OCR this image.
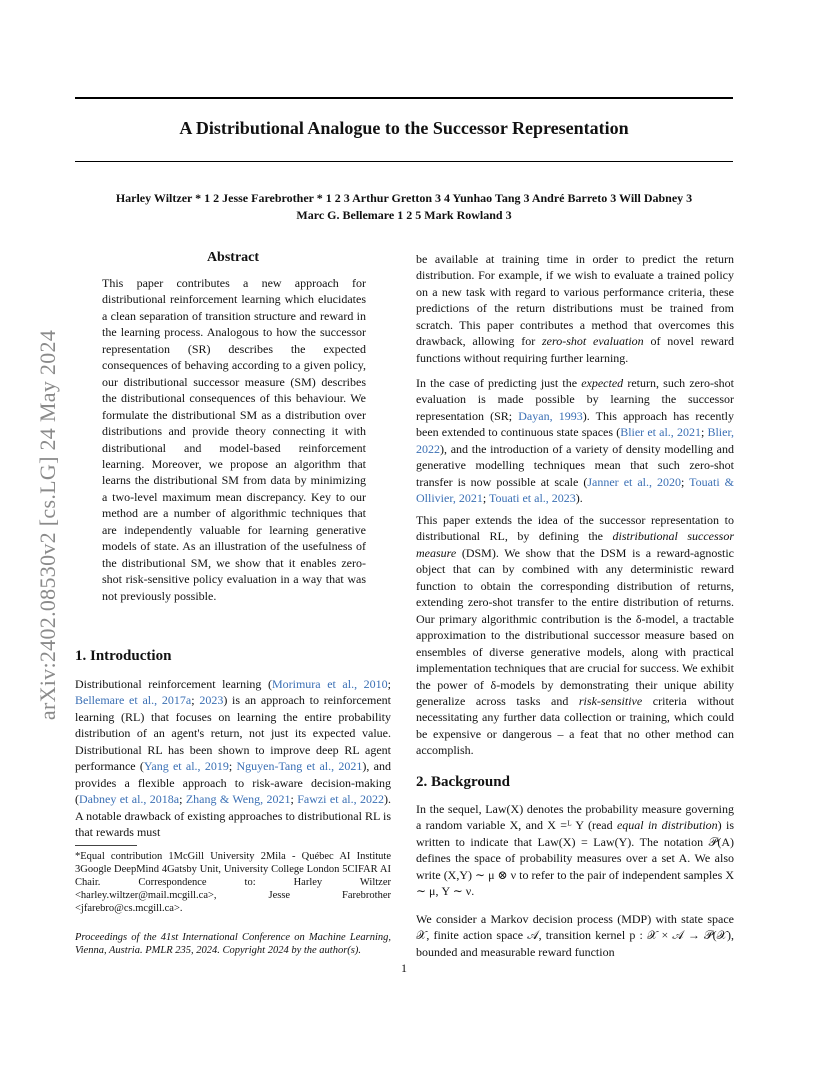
A Distributional Analogue to the Successor Representation
Harley Wiltzer * 1 2 Jesse Farebrother * 1 2 3 Arthur Gretton 3 4 Yunhao Tang 3 André Barreto 3 Will Dabney 3
Marc G. Bellemare 1 2 5 Mark Rowland 3
arXiv:2402.08530v2 [cs.LG] 24 May 2024
Abstract

This paper contributes a new approach for distributional reinforcement learning which elucidates a clean separation of transition structure and reward in the learning process. Analogous to how the successor representation (SR) describes the expected consequences of behaving according to a given policy, our distributional successor measure (SM) describes the distributional consequences of this behaviour. We formulate the distributional SM as a distribution over distributions and provide theory connecting it with distributional and model-based reinforcement learning. Moreover, we propose an algorithm that learns the distributional SM from data by minimizing a two-level maximum mean discrepancy. Key to our method are a number of algorithmic techniques that are independently valuable for learning generative models of state. As an illustration of the usefulness of the distributional SM, we show that it enables zero-shot risk-sensitive policy evaluation in a way that was not previously possible.

1. Introduction

Distributional reinforcement learning (Morimura et al., 2010; Bellemare et al., 2017a; 2023) is an approach to reinforcement learning (RL) that focuses on learning the entire probability distribution of an agent's return, not just its expected value. Distributional RL has been shown to improve deep RL agent performance (Yang et al., 2019; Nguyen-Tang et al., 2021), and provides a flexible approach to risk-aware decision-making (Dabney et al., 2018a; Zhang & Weng, 2021; Fawzi et al., 2022). A notable drawback of existing approaches to distributional RL is that rewards must

*Equal contribution 1McGill University 2Mila - Québec AI Institute 3Google DeepMind 4Gatsby Unit, University College London 5CIFAR AI Chair. Correspondence to: Harley Wiltzer <harley.wiltzer@mail.mcgill.ca>, Jesse Farebrother <jfarebro@cs.mcgill.ca>.

Proceedings of the 41st International Conference on Machine Learning, Vienna, Austria. PMLR 235, 2024. Copyright 2024 by the author(s).

be available at training time in order to predict the return distribution. For example, if we wish to evaluate a trained policy on a new task with regard to various performance criteria, these predictions of the return distributions must be trained from scratch. This paper contributes a method that overcomes this drawback, allowing for zero-shot evaluation of novel reward functions without requiring further learning.

In the case of predicting just the expected return, such zero-shot evaluation is made possible by learning the successor representation (SR; Dayan, 1993). This approach has recently been extended to continuous state spaces (Blier et al., 2021; Blier, 2022), and the introduction of a variety of density modelling and generative modelling techniques mean that such zero-shot transfer is now possible at scale (Janner et al., 2020; Touati & Ollivier, 2021; Touati et al., 2023).

This paper extends the idea of the successor representation to distributional RL, by defining the distributional successor measure (DSM). We show that the DSM is a reward-agnostic object that can by combined with any deterministic reward function to obtain the corresponding distribution of returns, extending zero-shot transfer to the entire distribution of returns. Our primary algorithmic contribution is the δ-model, a tractable approximation to the distributional successor measure based on ensembles of diverse generative models, along with practical implementation techniques that are crucial for success. We exhibit the power of δ-models by demonstrating their unique ability generalize across tasks and risk-sensitive criteria without necessitating any further data collection or training, which could be expensive or dangerous – a feat that no other method can accomplish.

2. Background

In the sequel, Law(X) denotes the probability measure governing a random variable X, and X =ᴸ Y (read equal in distribution) is written to indicate that Law(X) = Law(Y). The notation 𝒫(A) defines the space of probability measures over a set A. We also write (X,Y) ∼ μ ⊗ ν to refer to the pair of independent samples X ∼ μ, Y ∼ ν.

We consider a Markov decision process (MDP) with state space 𝒳, finite action space 𝒜, transition kernel p : 𝒳 × 𝒜 → 𝒫(𝒳), bounded and measurable reward function

1
